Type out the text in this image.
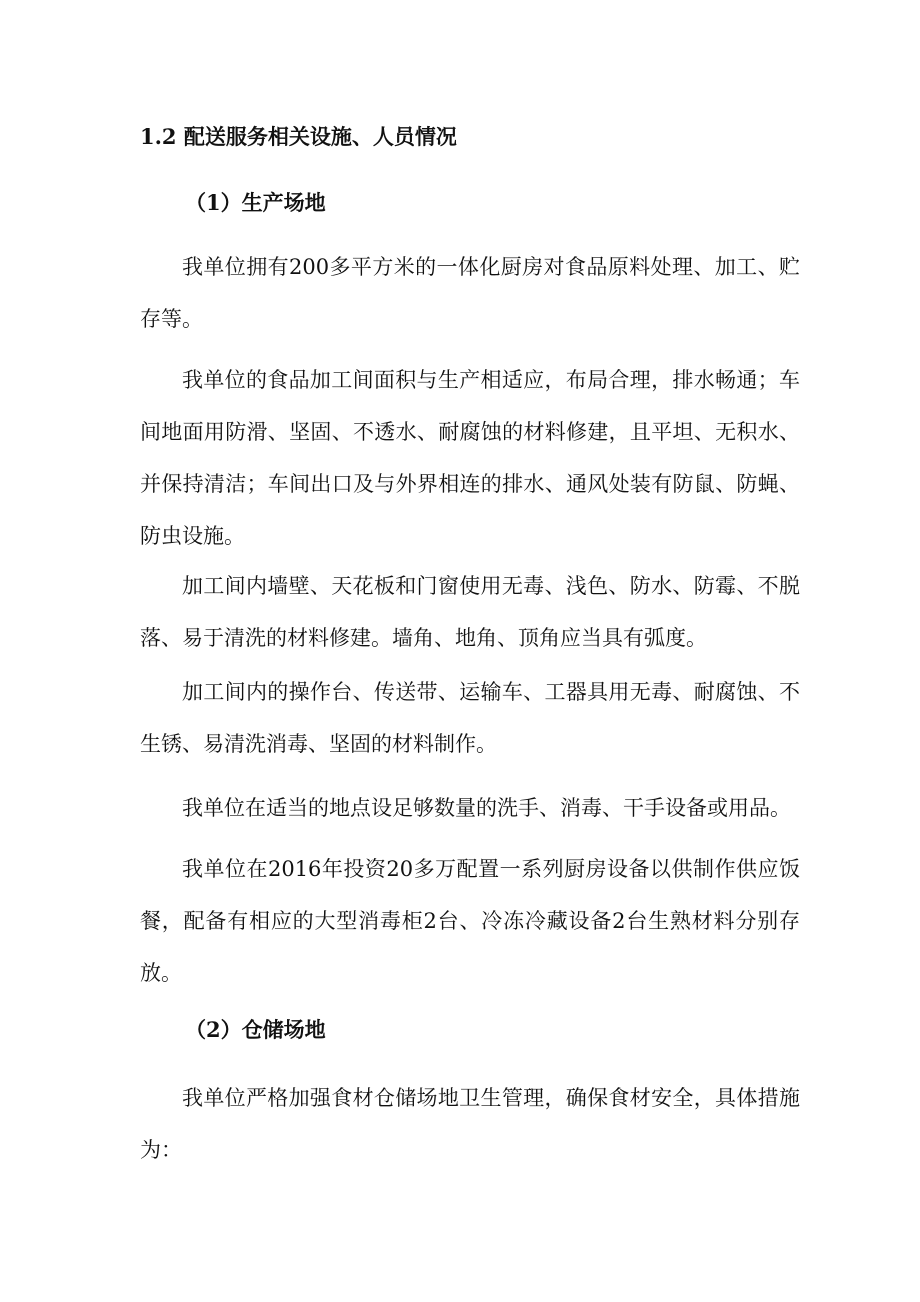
1.2 配送服务相关设施、人员情况
（1）生产场地

我单位拥有200多平方米的一体化厨房对食品原料处理、加工、贮存等。

我单位的食品加工间面积与生产相适应，布局合理，排水畅通；车间地面用防滑、坚固、不透水、耐腐蚀的材料修建，且平坦、无积水、并保持清洁；车间出口及与外界相连的排水、通风处装有防鼠、防蝇、防虫设施。

加工间内墙壁、天花板和门窗使用无毒、浅色、防水、防霉、不脱落、易于清洗的材料修建。墙角、地角、顶角应当具有弧度。

加工间内的操作台、传送带、运输车、工器具用无毒、耐腐蚀、不生锈、易清洗消毒、坚固的材料制作。

我单位在适当的地点设足够数量的洗手、消毒、干手设备或用品。

我单位在2016年投资20多万配置一系列厨房设备以供制作供应饭餐，配备有相应的大型消毒柜2台、冷冻冷藏设备2台生熟材料分别存放。

（2）仓储场地

我单位严格加强食材仓储场地卫生管理，确保食材安全，具体措施为：
